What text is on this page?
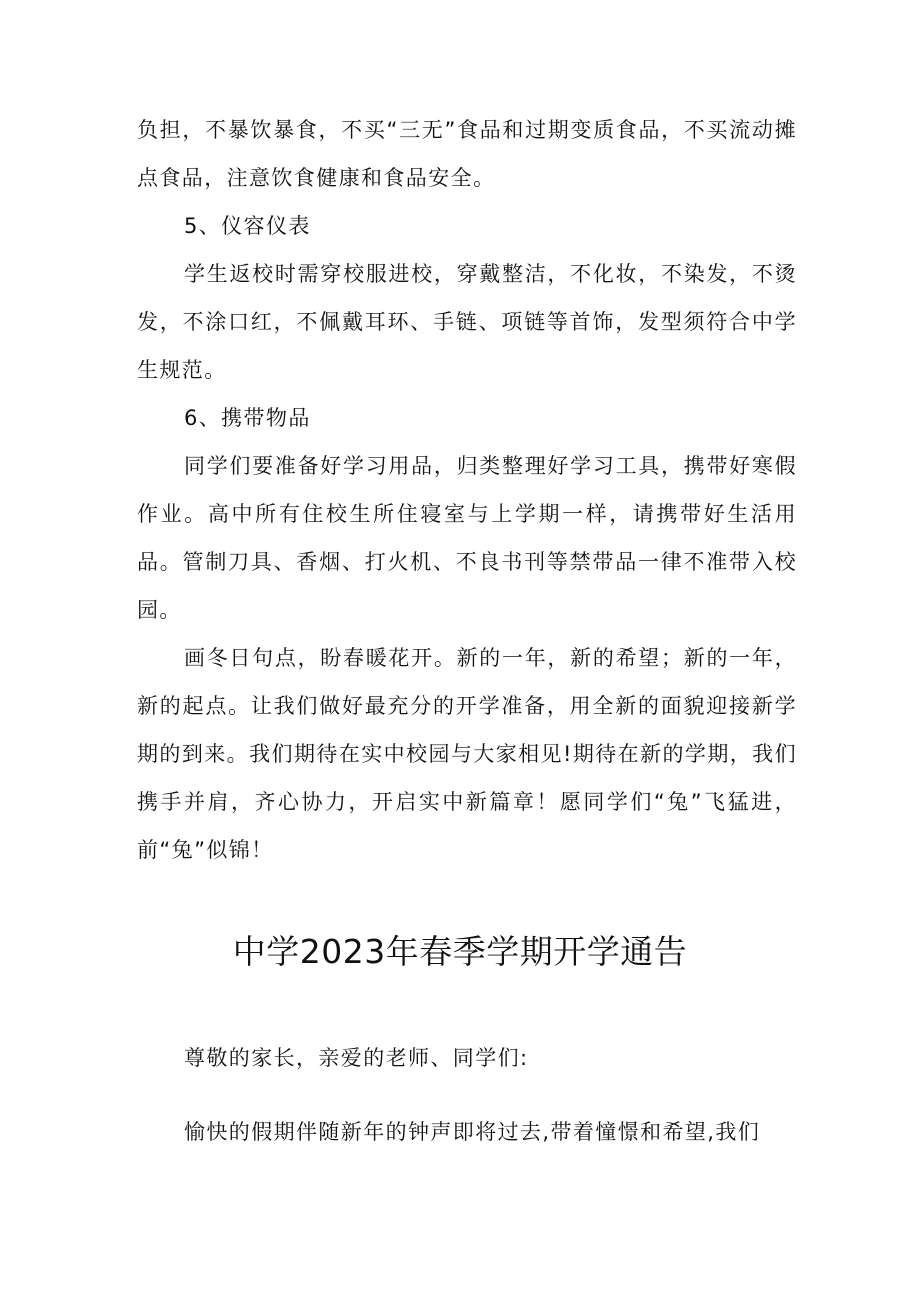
负担，不暴饮暴食，不买“三无”食品和过期变质食品，不买流动摊点食品，注意饮食健康和食品安全。

5、仪容仪表

学生返校时需穿校服进校，穿戴整洁，不化妆，不染发，不烫发，不涂口红，不佩戴耳环、手链、项链等首饰，发型须符合中学生规范。

6、携带物品

同学们要准备好学习用品，归类整理好学习工具，携带好寒假作业。高中所有住校生所住寝室与上学期一样，请携带好生活用品。管制刀具、香烟、打火机、不良书刊等禁带品一律不准带入校园。

画冬日句点，盼春暖花开。新的一年，新的希望；新的一年，新的起点。让我们做好最充分的开学准备，用全新的面貌迎接新学期的到来。我们期待在实中校园与大家相见!期待在新的学期，我们携手并肩，齐心协力，开启实中新篇章！愿同学们“兔”飞猛进，前“兔”似锦！

中学2023年春季学期开学通告

尊敬的家长，亲爱的老师、同学们:

愉快的假期伴随新年的钟声即将过去,带着憧憬和希望,我们
